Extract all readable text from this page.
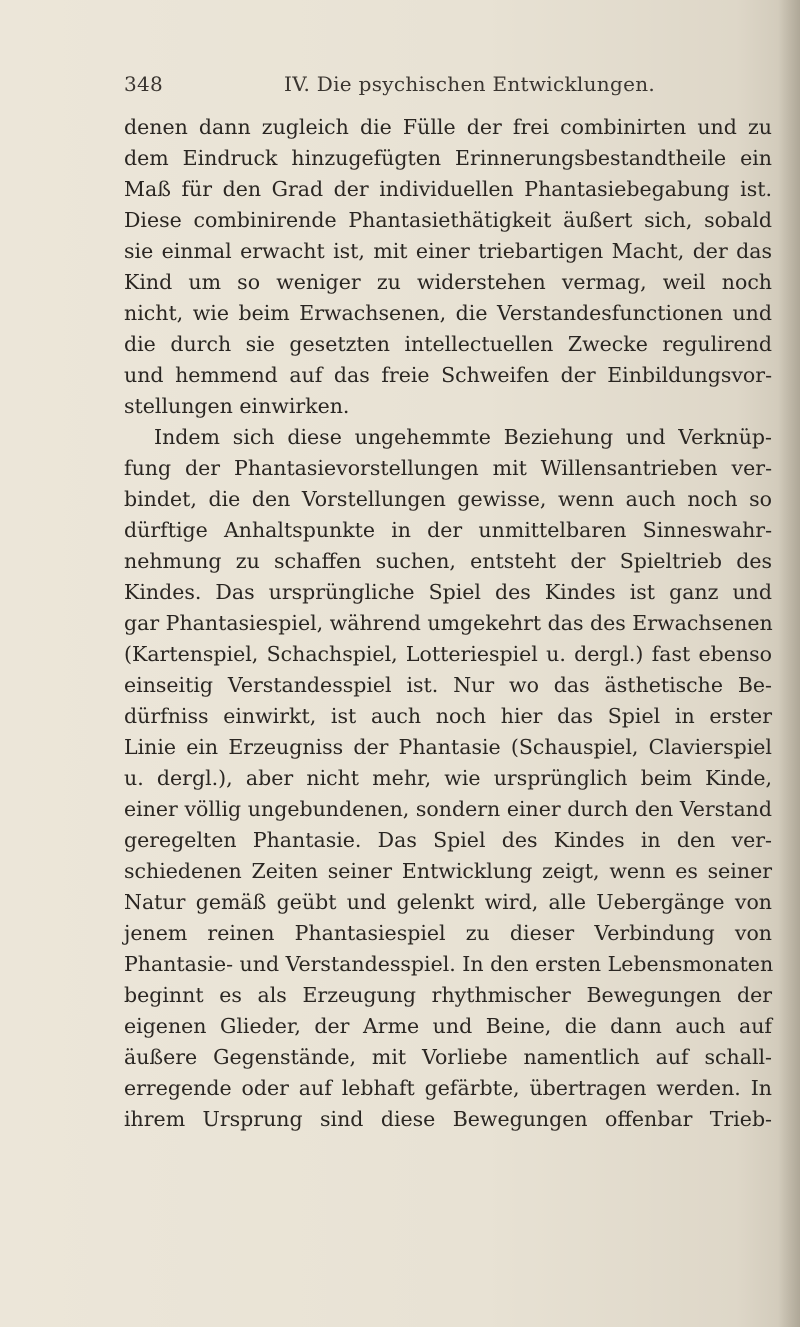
348	IV. Die psychischen Entwicklungen.
denen dann zugleich die Fülle der frei combinirten und zu
dem Eindruck hinzugefügten Erinnerungsbestandtheile ein
Maß für den Grad der individuellen Phantasiebegabung ist.
Diese combinirende Phantasiethätigkeit äußert sich, sobald
sie einmal erwacht ist, mit einer triebartigen Macht, der das
Kind um so weniger zu widerstehen vermag, weil noch
nicht, wie beim Erwachsenen, die Verstandesfunctionen und
die durch sie gesetzten intellectuellen Zwecke regulirend
und hemmend auf das freie Schweifen der Einbildungsvor-
stellungen einwirken.
Indem sich diese ungehemmte Beziehung und Verknüp-
fung der Phantasievorstellungen mit Willensantrieben ver-
bindet, die den Vorstellungen gewisse, wenn auch noch so
dürftige Anhaltspunkte in der unmittelbaren Sinneswahr-
nehmung zu schaffen suchen, entsteht der Spieltrieb des
Kindes. Das ursprüngliche Spiel des Kindes ist ganz und
gar Phantasiespiel, während umgekehrt das des Erwachsenen
(Kartenspiel, Schachspiel, Lotteriespiel u. dergl.) fast ebenso
einseitig Verstandesspiel ist. Nur wo das ästhetische Be-
dürfniss einwirkt, ist auch noch hier das Spiel in erster
Linie ein Erzeugniss der Phantasie (Schauspiel, Clavierspiel
u. dergl.), aber nicht mehr, wie ursprünglich beim Kinde,
einer völlig ungebundenen, sondern einer durch den Verstand
geregelten Phantasie. Das Spiel des Kindes in den ver-
schiedenen Zeiten seiner Entwicklung zeigt, wenn es seiner
Natur gemäß geübt und gelenkt wird, alle Uebergänge von
jenem reinen Phantasiespiel zu dieser Verbindung von
Phantasie- und Verstandesspiel. In den ersten Lebensmonaten
beginnt es als Erzeugung rhythmischer Bewegungen der
eigenen Glieder, der Arme und Beine, die dann auch auf
äußere Gegenstände, mit Vorliebe namentlich auf schall-
erregende oder auf lebhaft gefärbte, übertragen werden. In
ihrem Ursprung sind diese Bewegungen offenbar Trieb-
